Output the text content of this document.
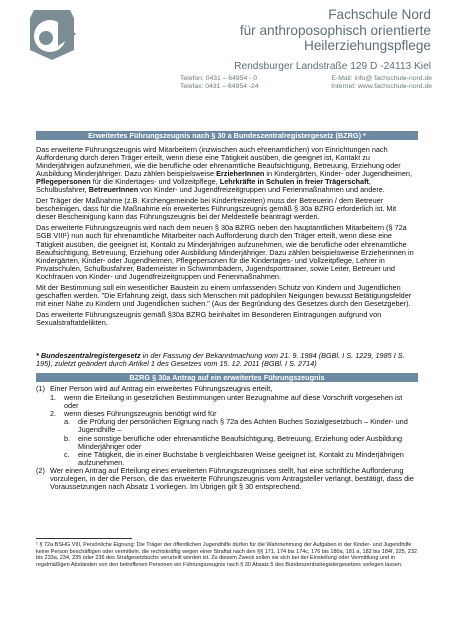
Fachschule Nord
für anthroposophisch orientierte
Heilerziehungspflege
Rendsburger Landstraße 129 D -24113 Kiel
Telefon: 0431 – 64954 - 0	E-Mail: info@ fachschule-nord.de
Telefax: 0431 – 64954 -24	Internet: www.fachschule-nord.de
Erweitertes Führungszeugnis nach § 30 a Bundeszentralregistergesetz (BZRG) *

Das erweiterte Führungszeugnis wird Mitarbeitern (inzwischen auch ehrenamtlichen) von Einrichtungen nach Aufforderung durch deren Träger erteilt, wenn diese eine Tätigkeit ausüben, die geeignet ist, Kontakt zu Minderjährigen aufzunehmen, wie die berufliche oder ehrenamtliche Beaufsichtigung, Betreuung, Erziehung oder Ausbildung Minderjähriger. Dazu zählen beispielsweise ErzieherInnen in Kindergärten, Kinder- oder Jugendheimen, Pflegepersonen für die Kindertages- und Vollzeitpflege, Lehrkräfte in Schulen in freier Trägerschaft, Schulbusfahrer, BetreuerInnen von Kinder- und Jugendfreizeitgruppen und Ferienmaßnahmen und andere.

Der Träger der Maßnahme (z.B. Kirchengemeinde bei Kinderfreizeiten) muss der Betreuerin / dem Betreuer bescheinigen, dass für die Maßnahme ein erweitertes Führungszeugnis gemäß § 30a BZRG erforderlich ist. Mit dieser Bescheinigung kann das Führungszeugnis bei der Meldestelle beantragt werden.

Das erweiterte Führungszeugnis wird nach dem neuen § 30a BZRG neben den hauptamtlichen Mitarbeitern (§ 72a SGB VIII¹) nun auch für ehrenamtliche Mitarbeiter nach Aufforderung durch den Träger erteilt, wenn diese eine Tätigkeit ausüben, die geeignet ist, Kontakt zu Minderjährigen aufzunehmen, wie die berufliche oder ehrenamtliche Beaufsichtigung, Betreuung, Erziehung oder Ausbildung Minderjähriger. Dazu zählen beispielsweise Erzieherinnen in Kindergärten, Kinder- oder Jugendheimen, Pflegepersonen für die Kindertages- und Vollzeitpflege, Lehrer in Privatschulen, Schulbusfahrer, Bademeister in Schwimmbädern, Jugendsporttrainer, sowie Leiter, Betreuer und Kochfrauen von Kinder- und Jugendfreizeitgruppen und Ferienmaßnahmen.

Mit der Bestimmung soll ein wesentlicher Baustein zu einem umfassenden Schutz von Kindern und Jugendlichen geschaffen werden. "Die Erfahrung zeigt, dass sich Menschen mit pädophilen Neigungen bewusst Betätigungsfelder mit einer Nähe zu Kindern und Jugendlichen suchen." (Aus der Begründung des Gesetzes durch den Gesetzgeber).

Das erweiterte Führungszeugnis gemäß §30a BZRG beinhaltet im Besonderen Eintragungen aufgrund von Sexualstraftatdelikten.

* Bundeszentralregistergesetz in der Fassung der Bekanntmachung vom 21. 9. 1984 (BGBl. I S. 1229, 1985 I S. 195), zuletzt geändert durch Artikel 1 des Gesetzes vom 15. 12. 2011 (BGBl. I S. 2714)
BZRG § 30a Antrag auf ein erweitertes Führungszeugnis
(1) Einer Person wird auf Antrag ein erweitertes Führungszeugnis erteilt,
1.	wenn die Erteilung in gesetzlichen Bestimmungen unter Bezugnahme auf diese Vorschrift vorgesehen ist oder
2.	wenn dieses Führungszeugnis benötigt wird für
a.	die Prüfung der persönlichen Eignung nach § 72a des Achten Buches Sozialgesetzbuch – Kinder- und Jugendhilfe –
b.	eine sonstige berufliche oder ehrenamtliche Beaufsichtigung, Betreuung, Erziehung oder Ausbildung Minderjähriger oder
c.	eine Tätigkeit, die in einer Buchstabe b vergleichbaren Weise geeignet ist, Kontakt zu Minderjährigen aufzunehmen.
(2) Wer einen Antrag auf Erteilung eines erweiterten Führungszeugnisses stellt, hat eine schriftliche Aufforderung vorzulegen, in der die Person, die das erweiterte Führungszeugnis vom Antragsteller verlangt, bestätigt, dass die Voraussetzungen nach Absatz 1 vorliegen. Im Übrigen gilt § 30 entsprechend.
¹ § 72a BSHG VIII, Persönliche Eignung: Die Träger der öffentlichen Jugendhilfe dürfen für die Wahrnehmung der Aufgaben in der Kinder- und Jugendhilfe keine Person beschäftigen oder vermitteln, die rechtskräftig wegen einer Straftat nach den §§ 171, 174 bis 174c, 176 bis 180a, 181 a, 182 bis 184f, 225, 232 bis 233a, 234, 235 oder 236 des Strafgesetzbuchs verurteilt worden ist. Zu diesem Zweck sollen sie sich bei der Einstellung oder Vermittlung und in regelmäßigen Abständen von den betroffenen Personen ein Führungszeugnis nach § 30 Absatz 5 des Bundeszentralregistergesetzes vorlegen lassen.
